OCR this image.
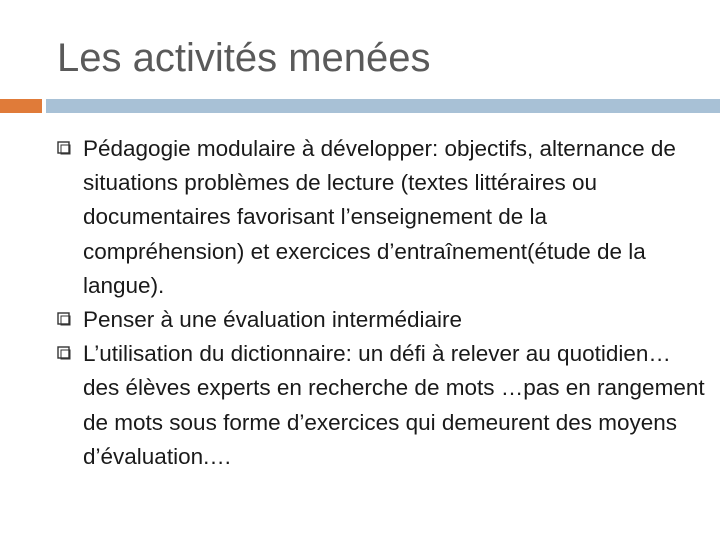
Les activités menées
Pédagogie modulaire à développer: objectifs, alternance de situations problèmes de lecture (textes littéraires ou documentaires favorisant l’enseignement de la compréhension) et exercices d’entraînement(étude de la langue).
Penser à une évaluation intermédiaire
L’utilisation du dictionnaire: un défi à relever au quotidien…des élèves experts en recherche de mots …pas en rangement de mots sous forme d’exercices qui demeurent des moyens d’évaluation.…
